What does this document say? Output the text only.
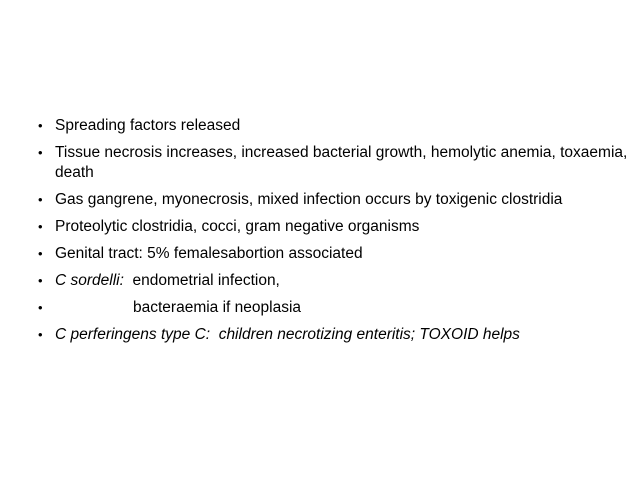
• Spreading factors released
• Tissue necrosis increases, increased bacterial growth, hemolytic anemia, toxaemia, death
• Gas gangrene, myonecrosis, mixed infection occurs by toxigenic clostridia
• Proteolytic clostridia, cocci, gram negative organisms
• Genital tract: 5% femalesabortion associated
• C sordelli:  endometrial infection,
•	bacteraemia if neoplasia
• C perferingens type C:  children necrotizing enteritis; TOXOID helps
